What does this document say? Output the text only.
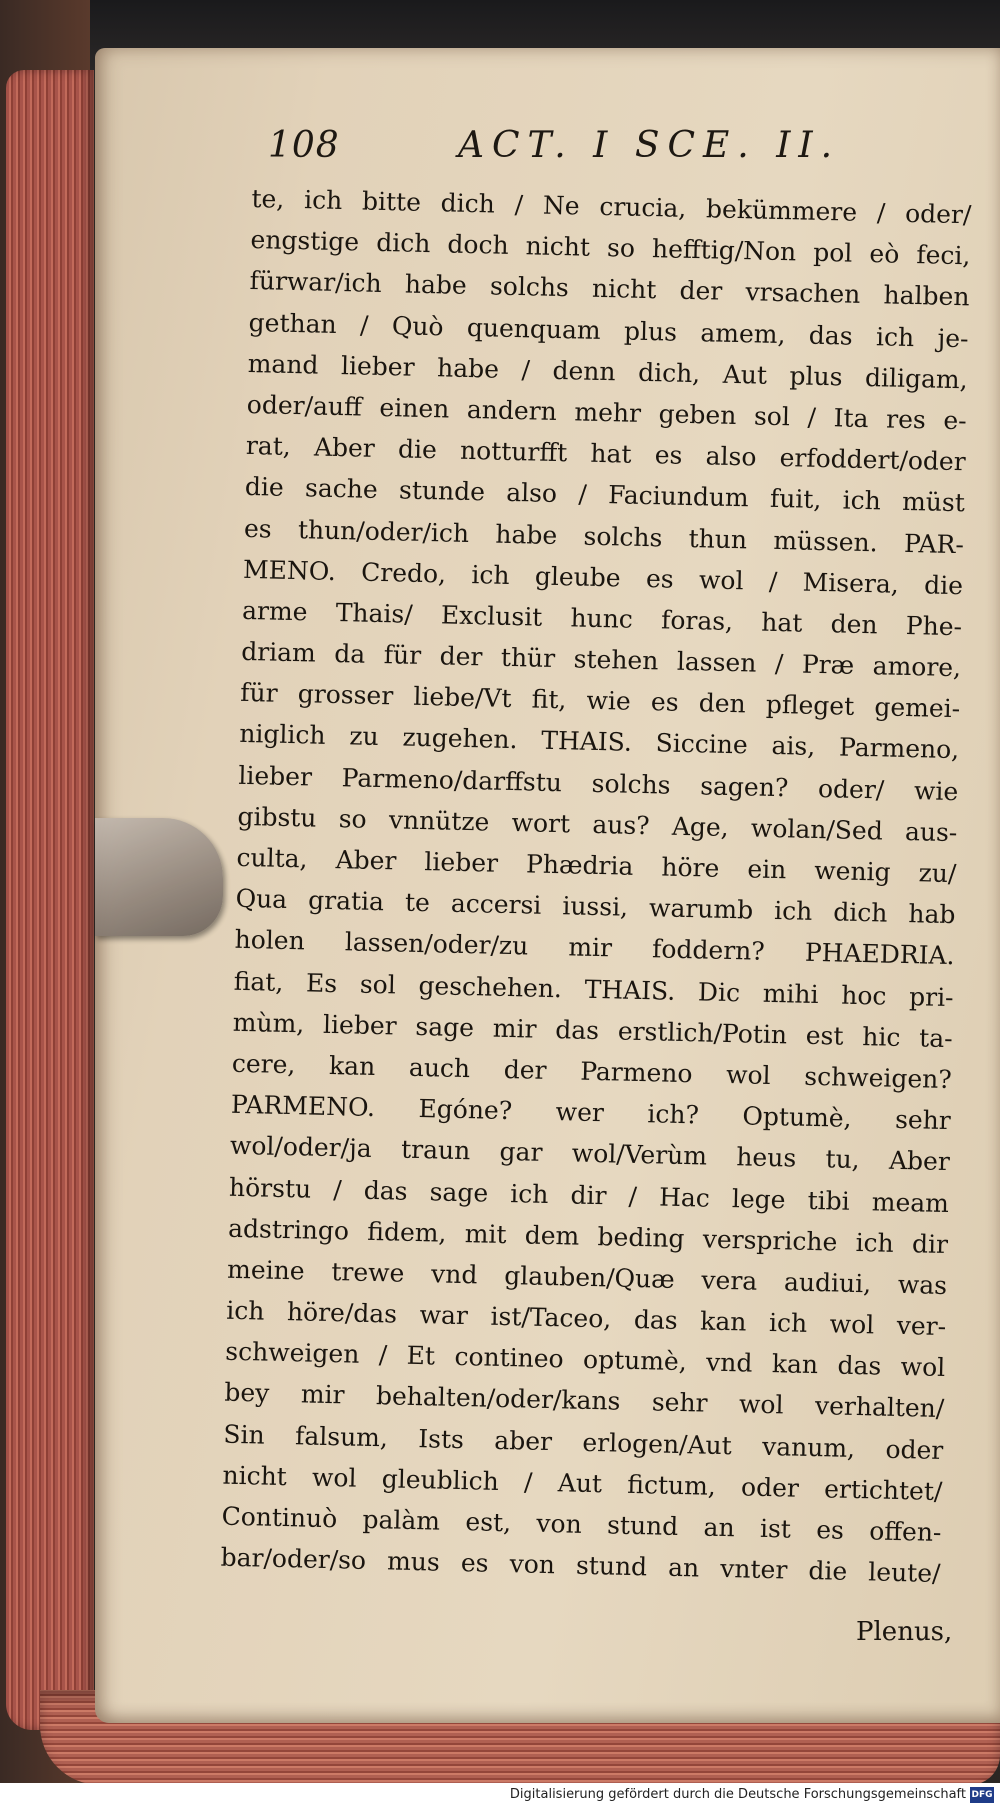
108	ACT. I SCE. II.
te, ich bitte dich / Ne crucia, bekümmere / oder/
engstige dich doch nicht so hefftig/Non pol eò feci,
fürwar/ich habe solchs nicht der vrsachen halben
gethan / Quò quenquam plus amem, das ich je-
mand lieber habe / denn dich, Aut plus diligam,
oder/auff einen andern mehr geben sol / Ita res e-
rat, Aber die notturfft hat es also erfoddert/oder
die sache stunde also / Faciundum fuit, ich müst
es thun/oder/ich habe solchs thun müssen. PAR-
MENO. Credo, ich gleube es wol / Misera, die
arme Thais/ Exclusit hunc foras, hat den Phe-
driam da für der thür stehen lassen / Præ amore,
für grosser liebe/Vt fit, wie es den pfleget gemei-
niglich zu zugehen. THAIS. Siccine ais, Parmeno,
lieber Parmeno/darffstu solchs sagen? oder/ wie
gibstu so vnnütze wort aus? Age, wolan/Sed aus-
culta, Aber lieber Phædria höre ein wenig zu/
Qua gratia te accersi iussi, warumb ich dich hab
holen lassen/oder/zu mir foddern? PHAEDRIA.
fiat, Es sol geschehen. THAIS. Dic mihi hoc pri-
mùm, lieber sage mir das erstlich/Potin est hic ta-
cere, kan auch der Parmeno wol schweigen?
PARMENO. Egóne? wer ich? Optumè, sehr
wol/oder/ja traun gar wol/Verùm heus tu, Aber
hörstu / das sage ich dir / Hac lege tibi meam
adstringo fidem, mit dem beding verspriche ich dir
meine trewe vnd glauben/Quæ vera audiui, was
ich höre/das war ist/Taceo, das kan ich wol ver-
schweigen / Et contineo optumè, vnd kan das wol
bey mir behalten/oder/kans sehr wol verhalten/
Sin falsum, Ists aber erlogen/Aut vanum, oder
nicht wol gleublich / Aut fictum, oder ertichtet/
Continuò palàm est, von stund an ist es offen-
bar/oder/so mus es von stund an vnter die leute/
Plenus,
Digitalisierung gefördert durch die Deutsche Forschungsgemeinschaft DFG
